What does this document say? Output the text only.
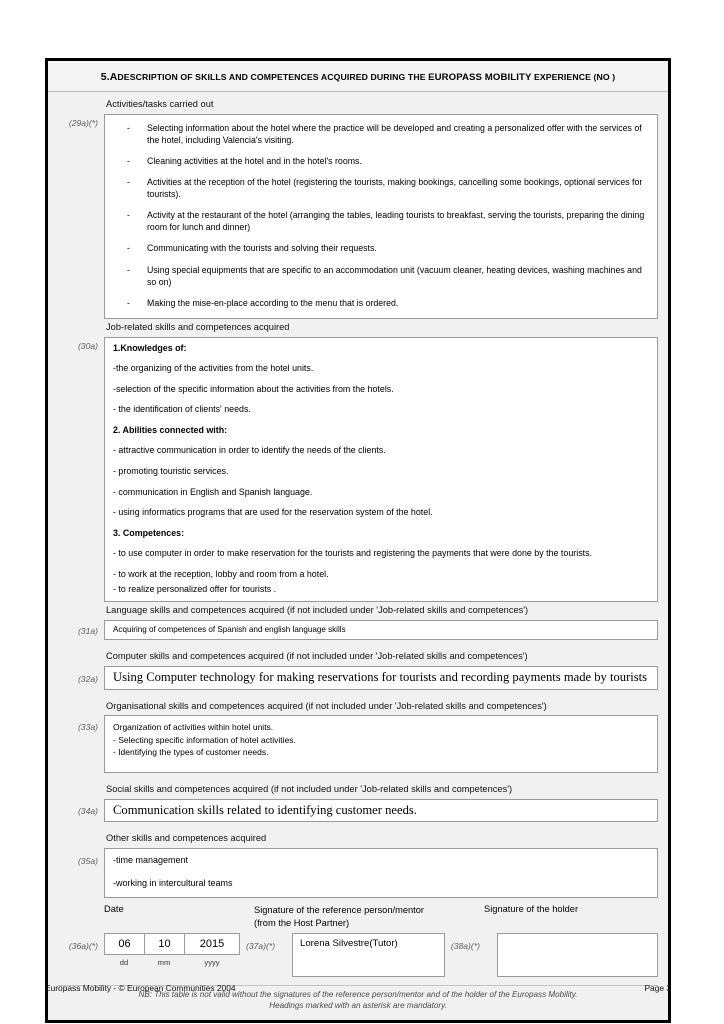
5.ADESCRIPTION OF SKILLS AND COMPETENCES ACQUIRED DURING THE EUROPASS MOBILITY EXPERIENCE (NO )
(29a)(*)
Activities/tasks carried out
- Selecting information about the hotel where the practice will be developed and creating a personalized offer with the services of the hotel, including Valencia's visiting.
- Cleaning activities at the hotel and in the hotel's rooms.
- Activities at the reception of the hotel (registering the tourists, making bookings, cancelling some bookings, optional services for tourists).
- Activity at the restaurant of the hotel (arranging the tables, leading tourists to breakfast, serving the tourists, preparing the dining room for lunch and dinner)
- Communicating with the tourists and solving their requests.
- Using special equipments that are specific to an accommodation unit (vacuum cleaner, heating devices, washing machines and so on)
- Making the mise-en-place according to the menu that is ordered.
(30a)
Job-related skills and competences acquired

1.Knowledges of:

-the organizing of the activities from the hotel units.

-selection of the specific information about the activities from the hotels.

- the identification of clients' needs.

2. Abilities connected with:

- attractive communication in order to identify the needs of the clients.

- promoting touristic services.

- communication in English and Spanish language.

- using informatics programs that are used for the reservation system of the hotel.

3. Competences:

- to use computer in order to make reservation for the tourists and registering the payments that were done by the tourists.

- to work at the reception, lobby and room from a hotel.

- to realize personalized offer for tourists .

(31a)
Language skills and competences acquired (if not included under 'Job-related skills and competences')
Acquiring of competences of Spanish and english language skills
(32a)
Computer skills and competences acquired (if not included under 'Job-related skills and competences')
Using Computer technology for making reservations for tourists and recording payments made by tourists
(33a)
Organisational skills and competences acquired (if not included under 'Job-related skills and competences')

Organization of activities within hotel units.

- Selecting specific information of hotel activities.

- Identifying the types of customer needs.

(34a)
Social skills and competences acquired (if not included under 'Job-related skills and competences')
Communication skills related to identifying customer needs.
(35a)
Other skills and competences acquired

-time management

-working in intercultural teams

Date	Signature of the reference person/mentor
(from the Host Partner)
Signature of the holder
(36a)(*)	06	10	2015
dd	mm	yyyy
(37a)(*)	Lorena Silvestre(Tutor)	(38a)(*)
NB: This table is not valid without the signatures of the reference person/mentor and of the holder of the Europass Mobility.
Headings marked with an asterisk are mandatory.
Europass Mobility - © European Communities 2004	Page 3
